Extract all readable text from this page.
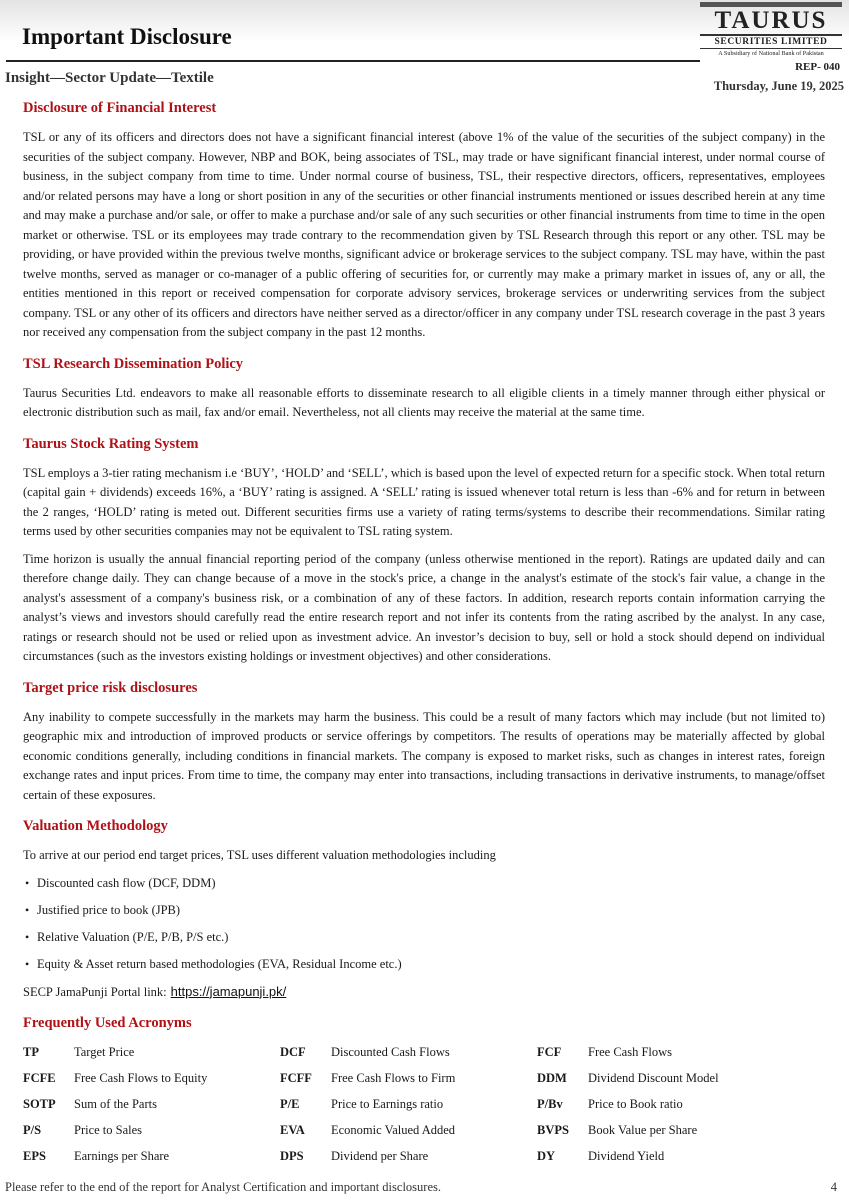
Important Disclosure
TAURUS
SECURITIES LIMITED
A Subsidiary of National Bank of Pakistan
REP- 040
Insight—Sector Update—Textile	Thursday, June 19, 2025
Disclosure of Financial Interest

TSL or any of its officers and directors does not have a significant financial interest (above 1% of the value of the securities of the subject company) in the securities of the subject company. However, NBP and BOK, being associates of TSL, may trade or have significant financial interest, under normal course of business, in the subject company from time to time. Under normal course of business, TSL, their respective directors, officers, representatives, employees and/or related persons may have a long or short position in any of the securities or other financial instruments mentioned or issues described herein at any time and may make a purchase and/or sale, or offer to make a purchase and/or sale of any such securities or other financial instruments from time to time in the open market or otherwise. TSL or its employees may trade contrary to the recommendation given by TSL Research through this report or any other. TSL may be providing, or have provided within the previous twelve months, significant advice or brokerage services to the subject company. TSL may have, within the past twelve months, served as manager or co-manager of a public offering of securities for, or currently may make a primary market in issues of, any or all, the entities mentioned in this report or received compensation for corporate advisory services, brokerage services or underwriting services from the subject company. TSL or any other of its officers and directors have neither served as a director/officer in any company under TSL research coverage in the past 3 years nor received any compensation from the subject company in the past 12 months.

TSL Research Dissemination Policy

Taurus Securities Ltd. endeavors to make all reasonable efforts to disseminate research to all eligible clients in a timely manner through either physical or electronic distribution such as mail, fax and/or email. Nevertheless, not all clients may receive the material at the same time.

Taurus Stock Rating System

TSL employs a 3-tier rating mechanism i.e ‘BUY’, ‘HOLD’ and ‘SELL’, which is based upon the level of expected return for a specific stock. When total return (capital gain + dividends) exceeds 16%, a ‘BUY’ rating is assigned. A ‘SELL’ rating is issued whenever total return is less than -6% and for return in between the 2 ranges, ‘HOLD’ rating is meted out. Different securities firms use a variety of rating terms/systems to describe their recommendations. Similar rating terms used by other securities companies may not be equivalent to TSL rating system.

Time horizon is usually the annual financial reporting period of the company (unless otherwise mentioned in the report). Ratings are updated daily and can therefore change daily. They can change because of a move in the stock's price, a change in the analyst's estimate of the stock's fair value, a change in the analyst's assessment of a company's business risk, or a combination of any of these factors. In addition, research reports contain information carrying the analyst’s views and investors should carefully read the entire research report and not infer its contents from the rating ascribed by the analyst. In any case, ratings or research should not be used or relied upon as investment advice. An investor’s decision to buy, sell or hold a stock should depend on individual circumstances (such as the investors existing holdings or investment objectives) and other considerations.

Target price risk disclosures

Any inability to compete successfully in the markets may harm the business. This could be a result of many factors which may include (but not limited to) geographic mix and introduction of improved products or service offerings by competitors. The results of operations may be materially affected by global economic conditions generally, including conditions in financial markets. The company is exposed to market risks, such as changes in interest rates, foreign exchange rates and input prices. From time to time, the company may enter into transactions, including transactions in derivative instruments, to manage/offset certain of these exposures.

Valuation Methodology

To arrive at our period end target prices, TSL uses different valuation methodologies including

• Discounted cash flow (DCF, DDM)
• Justified price to book (JPB)
• Relative Valuation (P/E, P/B, P/S etc.)
• Equity & Asset return based methodologies (EVA, Residual Income etc.)
SECP JamaPunji Portal link: https://jamapunji.pk/
Frequently Used Acronyms
TP	Target Price	DCF	Discounted Cash Flows	FCF	Free Cash Flows
FCFE	Free Cash Flows to Equity	FCFF	Free Cash Flows to Firm	DDM	Dividend Discount Model
SOTP	Sum of the Parts	P/E	Price to Earnings ratio	P/Bv	Price to Book ratio
P/S	Price to Sales	EVA	Economic Valued Added	BVPS	Book Value per Share
EPS	Earnings per Share	DPS	Dividend per Share	DY	Dividend Yield
Please refer to the end of the report for Analyst Certification and important disclosures.	4
